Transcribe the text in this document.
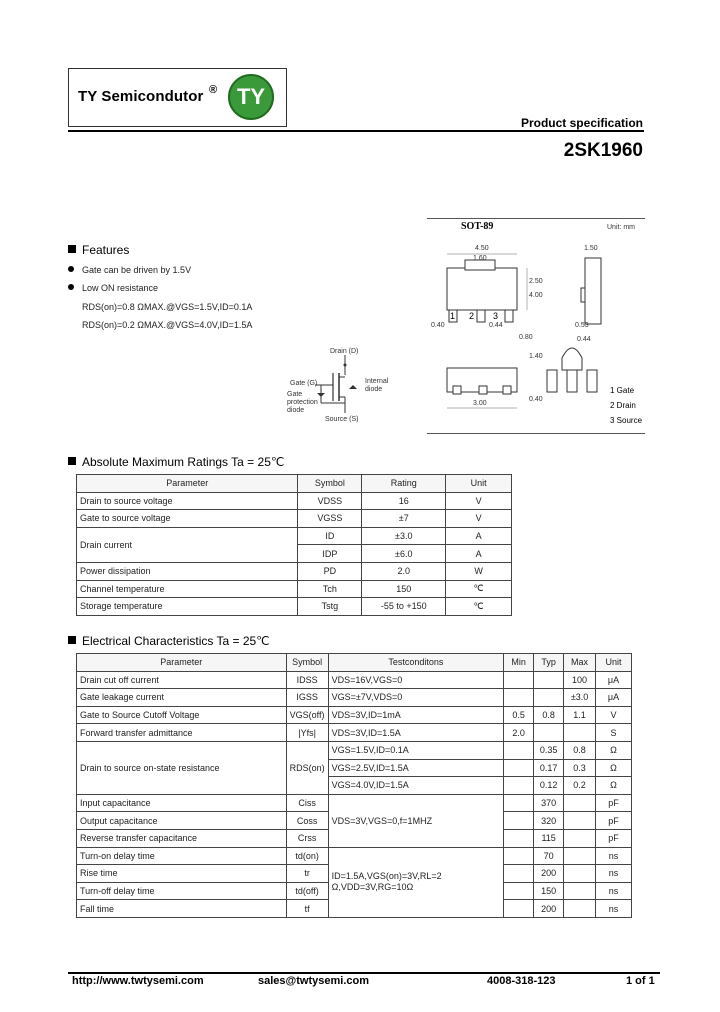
TY Semicondutor ® TY
Product specification
2SK1960
Features
Gate can be driven by 1.5V
Low ON resistance
RDS(on)=0.8 ΩMAX.@VGS=1.5V,ID=0.1A
RDS(on)=0.2 ΩMAX.@VGS=4.0V,ID=1.5A
Drain (D)
Gate (G)	Internal diode
Gate protection diode
Source (S)
SOT-89	Unit: mm
4.50
1.60
1.50
2.50
4.00
0.40	0.44	0.53
0.80
3.00
1.40
0.40
0.44
1 2 3
1 Gate
2 Drain
3 Source
Absolute Maximum Ratings Ta = 25℃
Parameter	Symbol	Rating	Unit
Drain to source voltage	VDSS	16	V
Gate to source voltage	VGSS	±7	V
Drain current	ID	±3.0	A
	IDP	±6.0	A
Power dissipation	PD	2.0	W
Channel temperature	Tch	150	℃
Storage temperature	Tstg	-55 to +150	℃
Electrical Characteristics Ta = 25℃
Parameter	Symbol	Testconditons	Min	Typ	Max	Unit
Drain cut off current	IDSS	VDS=16V,VGS=0			100	μA
Gate leakage current	IGSS	VGS=±7V,VDS=0			±3.0	μA
Gate to Source Cutoff Voltage	VGS(off)	VDS=3V,ID=1mA	0.5	0.8	1.1	V
Forward transfer admittance	|Yfs|	VDS=3V,ID=1.5A	2.0			S
Drain to source on-state resistance	RDS(on)	VGS=1.5V,ID=0.1A		0.35	0.8	Ω
		VGS=2.5V,ID=1.5A		0.17	0.3	Ω
		VGS=4.0V,ID=1.5A		0.12	0.2	Ω
Input capacitance	Ciss	VDS=3V,VGS=0,f=1MHZ		370		pF
Output capacitance	Coss			320		pF
Reverse transfer capacitance	Crss			115		pF
Turn-on delay time	td(on)	ID=1.5A,VGS(on)=3V,RL=2 Ω,VDD=3V,RG=10Ω		70		ns
Rise time	tr			200		ns
Turn-off delay time	td(off)			150		ns
Fall time	tf			200		ns
http://www.twtysemi.com	sales@twtysemi.com	4008-318-123	1 of 1
